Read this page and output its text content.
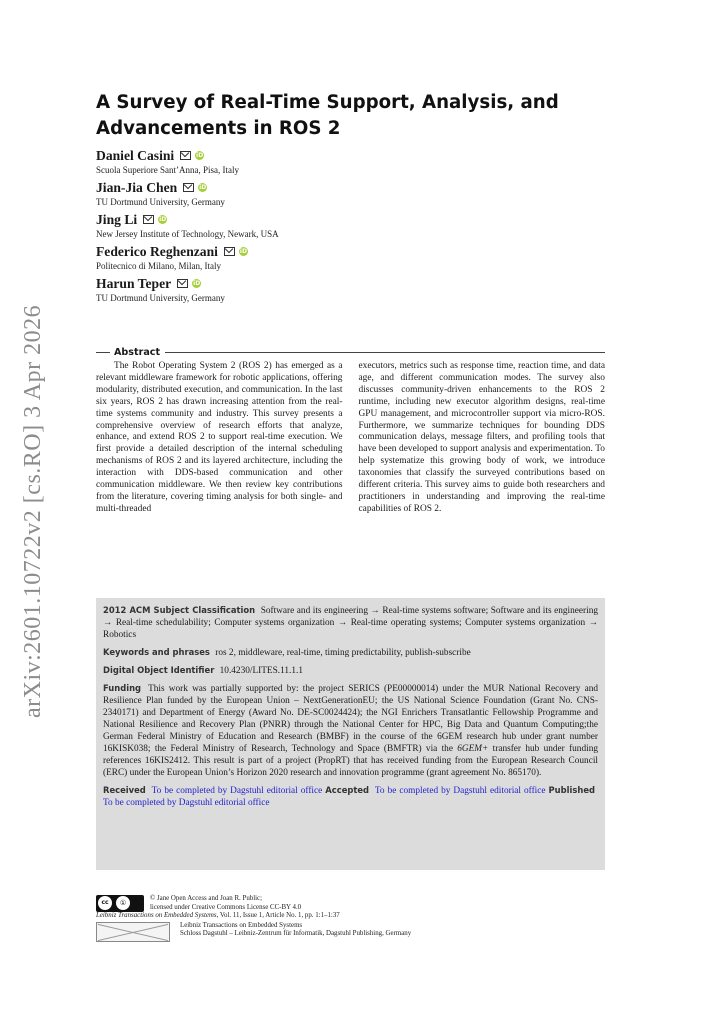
arXiv:2601.10722v2 [cs.RO] 3 Apr 2026
A Survey of Real-Time Support, Analysis, and Advancements in ROS 2
Daniel Casini	iD
Scuola Superiore Sant’Anna, Pisa, Italy
Jian-Jia Chen	iD
TU Dortmund University, Germany
Jing Li	iD
New Jersey Institute of Technology, Newark, USA
Federico Reghenzani	iD
Politecnico di Milano, Milan, Italy
Harun Teper	iD
TU Dortmund University, Germany
Abstract
The Robot Operating System 2 (ROS 2) has emerged as a relevant middleware framework for robotic applications, offering modularity, distributed execution, and communication. In the last six years, ROS 2 has drawn increasing attention from the real-time systems community and industry. This survey presents a comprehensive overview of research efforts that analyze, enhance, and extend ROS 2 to support real-time execution. We first provide a detailed description of the internal scheduling mechanisms of ROS 2 and its layered architecture, including the interaction with DDS-based communication and other communication middleware. We then review key contributions from the literature, covering timing analysis for both single- and multi-threaded
executors, metrics such as response time, reaction time, and data age, and different communication modes. The survey also discusses community-driven enhancements to the ROS 2 runtime, including new executor algorithm designs, real-time GPU management, and microcontroller support via micro-ROS. Furthermore, we summarize techniques for bounding DDS communication delays, message filters, and profiling tools that have been developed to support analysis and experimentation. To help systematize this growing body of work, we introduce taxonomies that classify the surveyed contributions based on different criteria. This survey aims to guide both researchers and practitioners in understanding and improving the real-time capabilities of ROS 2.
2012 ACM Subject Classification Software and its engineering → Real-time systems software; Software and its engineering → Real-time schedulability; Computer systems organization → Real-time operating systems; Computer systems organization → Robotics
Keywords and phrases ros 2, middleware, real-time, timing predictability, publish-subscribe
Digital Object Identifier 10.4230/LITES.11.1.1
Funding This work was partially supported by: the project SERICS (PE00000014) under the MUR National Recovery and Resilience Plan funded by the European Union – NextGenerationEU; the US National Science Foundation (Grant No. CNS-2340171) and Department of Energy (Award No. DE-SC0024424); the NGI Enrichers Transatlantic Fellowship Programme and National Resilience and Recovery Plan (PNRR) through the National Center for HPC, Big Data and Quantum Computing;the German Federal Ministry of Education and Research (BMBF) in the course of the 6GEM research hub under grant number 16KISK038; the Federal Ministry of Research, Technology and Space (BMFTR) via the 6GEM+ transfer hub under funding references 16KIS2412. This result is part of a project (PropRT) that has received funding from the European Research Council (ERC) under the European Union’s Horizon 2020 research and innovation programme (grant agreement No. 865170).
Received To be completed by Dagstuhl editorial office Accepted To be completed by Dagstuhl editorial office Published To be completed by Dagstuhl editorial office
cc	①
© Jane Open Access and Joan R. Public;
licensed under Creative Commons License CC-BY 4.0
Leibniz Transactions on Embedded Systems, Vol. 11, Issue 1, Article No. 1, pp. 1:1–1:37
Leibniz Transactions on Embedded Systems
Schloss Dagstuhl – Leibniz-Zentrum für Informatik, Dagstuhl Publishing, Germany
